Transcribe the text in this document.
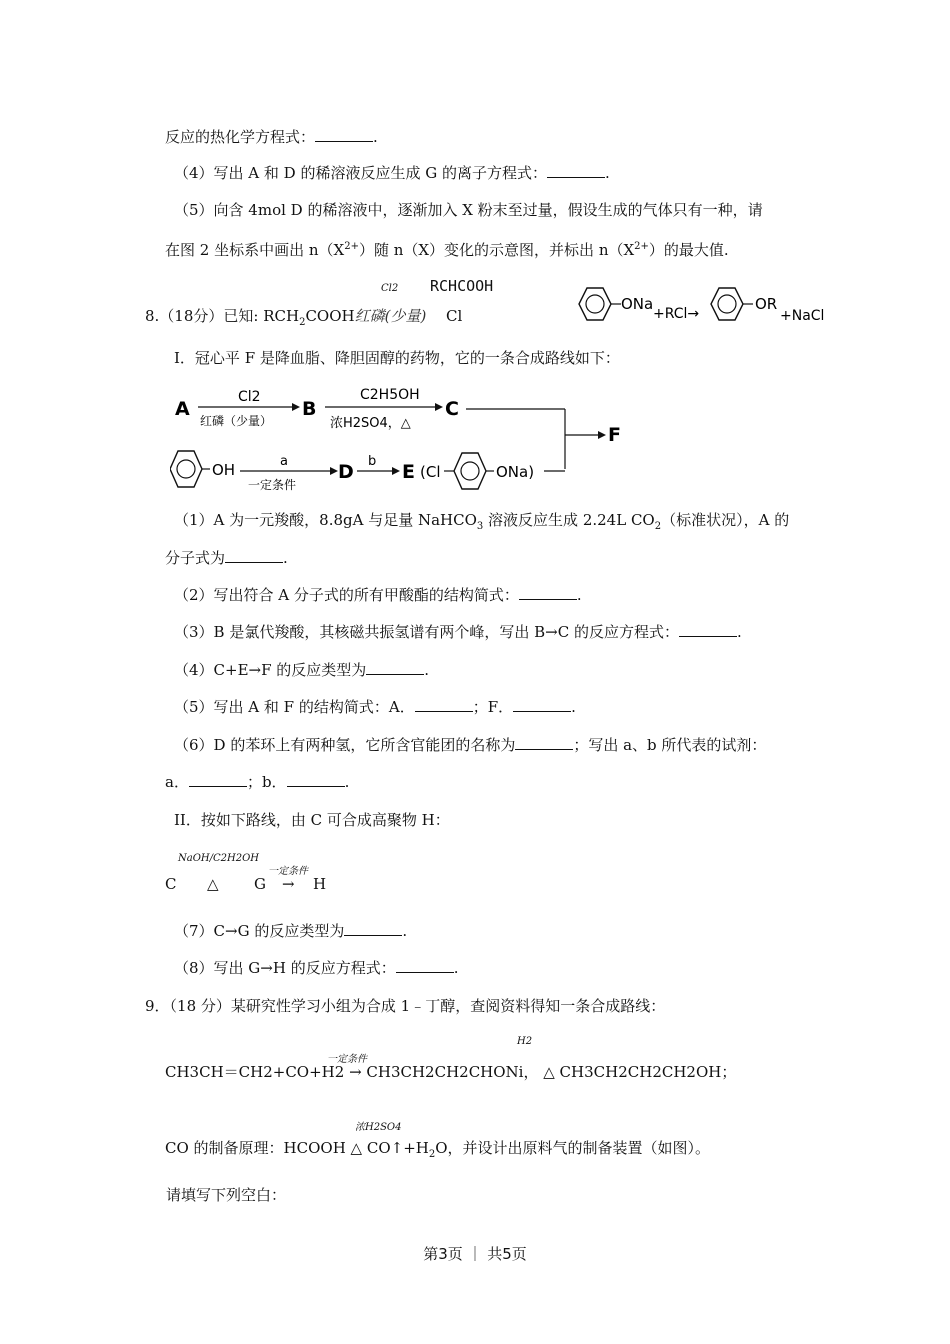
反应的热化学方程式：	.
（4）写出 A 和 D 的稀溶液反应生成 G 的离子方程式：	.
（5）向含 4mol D 的稀溶液中，逐渐加入 X 粉末至过量，假设生成的气体只有一种，请
在图 2 坐标系中画出 $n(X^{2+})$随 n（X）变化的示意图，并标出 $n(X^{2+})$的最大值.
8.（18分）已知: $RCH_2COOH$红磷(少量)
Cl2 RCHCOOH
Cl
ONa
+RCl→
OR
+NaCl
I．冠心平 F 是降血脂、降胆固醇的药物，它的一条合成路线如下：
A
Cl2
红磷（少量）
B
C2H5OH
浓H2SO4，△
C
F
OH	a
一定条件
D b E (Cl	ONa)
（1）A 为一元羧酸，8.8gA 与足量 NaHCO$_3$ 溶液反应生成 2.24L $CO_2$（标准状况），A 的
分子式为	.
（2）写出符合 A 分子式的所有甲酸酯的结构简式：	.
（3）B 是氯代羧酸，其核磁共振氢谱有两个峰，写出 B→C 的反应方程式：	.
（4）C+E→F 的反应类型为	.
（5）写出 A 和 F 的结构简式：A．	；F．	.
（6）D 的苯环上有两种氢，它所含官能团的名称为	；写出 a、b 所代表的试剂：
a．	；b．	.
II．按如下路线，由 C 可合成高聚物 H：
NaOH/C2H2OH
一定条件
C △ G → H
（7）C→G 的反应类型为	.
（8）写出 G→H 的反应方程式：	.
9．（18 分）某研究性学习小组为合成 1﹣丁醇，查阅资料得知一条合成路线：
一定条件
H2
CH3CH＝CH2+CO+H2 → CH3CH2CH2CHONi， △ CH3CH2CH2CH2OH；
浓H2SO4
CO 的制备原理：HCOOH △ $CO↑+H_2O$，并设计出原料气的制备装置（如图）。
请填写下列空白：
第3页 ｜ 共5页
